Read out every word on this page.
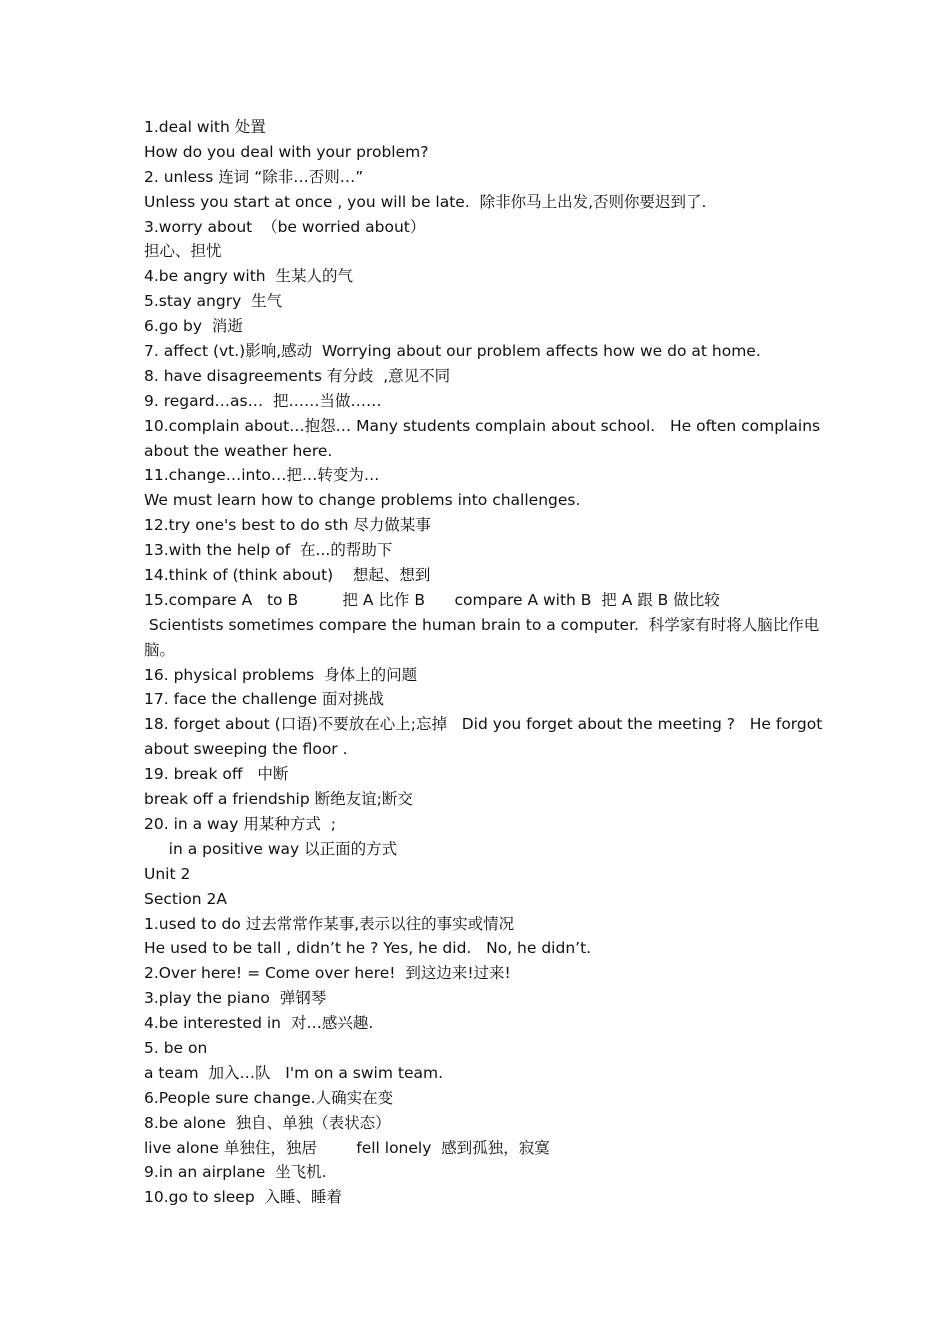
1.deal with 处置
How do you deal with your problem?
2. unless 连词 “除非…否则…”
Unless you start at once , you will be late.  除非你马上出发,否则你要迟到了.
3.worry about  （be worried about）
担心、担忧
4.be angry with  生某人的气
5.stay angry  生气
6.go by  消逝
7. affect (vt.)影响,感动  Worrying about our problem affects how we do at home.
8. have disagreements 有分歧  ,意见不同
9. regard…as…  把……当做……
10.complain about…抱怨… Many students complain about school.   He often complains
about the weather here.
11.change…into…把…转变为…
We must learn how to change problems into challenges.
12.try one's best to do sth 尽力做某事
13.with the help of  在...的帮助下
14.think of (think about)    想起、想到
15.compare A   to B         把 A 比作 B      compare A with B  把 A 跟 B 做比较
Scientists sometimes compare the human brain to a computer.  科学家有时将人脑比作电
脑。
16. physical problems  身体上的问题
17. face the challenge 面对挑战
18. forget about (口语)不要放在心上;忘掉   Did you forget about the meeting ?   He forgot
about sweeping the floor .
19. break off   中断
break off a friendship 断绝友谊;断交
20. in a way 用某种方式  ;
in a positive way 以正面的方式
Unit 2
Section 2A
1.used to do 过去常常作某事,表示以往的事实或情况
He used to be tall , didn’t he ? Yes, he did.   No, he didn’t.
2.Over here! = Come over here!  到这边来!过来!
3.play the piano  弹钢琴
4.be interested in  对…感兴趣.
5. be on
a team  加入…队   I'm on a swim team.
6.People sure change.人确实在变
8.be alone  独自、单独（表状态）
live alone 单独住，独居        fell lonely  感到孤独，寂寞
9.in an airplane  坐飞机.
10.go to sleep  入睡、睡着
